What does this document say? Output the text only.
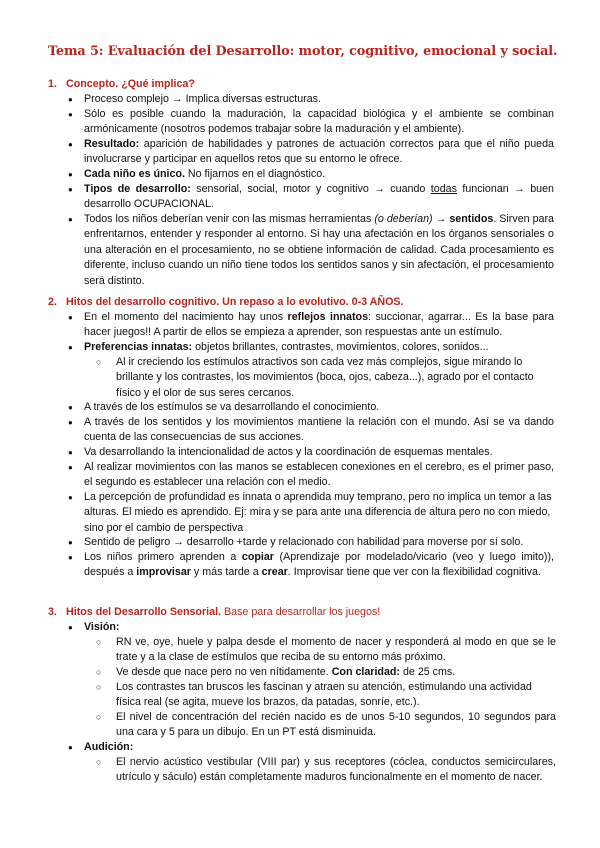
Tema 5: Evaluación del Desarrollo: motor, cognitivo, emocional y social.
1. Concepto. ¿Qué implica?
● Proceso complejo → Implica diversas estructuras.
● Sólo es posible cuando la maduración, la capacidad biológica y el ambiente se combinan armónicamente (nosotros podemos trabajar sobre la maduración y el ambiente).
● Resultado: aparición de habilidades y patrones de actuación correctos para que el niño pueda involucrarse y participar en aquellos retos que su entorno le ofrece.
● Cada niño es único. No fijarnos en el diagnóstico.
● Tipos de desarrollo: sensorial, social, motor y cognitivo → cuando todas funcionan → buen desarrollo OCUPACIONAL.
● Todos los niños deberían venir con las mismas herramientas (o deberían) → sentidos. Sirven para enfrentarnos, entender y responder al entorno. Si hay una afectación en los órganos sensoriales o una alteración en el procesamiento, no se obtiene información de calidad. Cada procesamiento es diferente, incluso cuando un niño tiene todos los sentidos sanos y sin afectación, el procesamiento será distinto.
2. Hitos del desarrollo cognitivo. Un repaso a lo evolutivo. 0-3 AÑOS.
● En el momento del nacimiento hay unos reflejos innatos: succionar, agarrar... Es la base para hacer juegos!! A partir de ellos se empieza a aprender, son respuestas ante un estímulo.
● Preferencias innatas: objetos brillantes, contrastes, movimientos, colores, sonidos...
○ Al ir creciendo los estímulos atractivos son cada vez más complejos, sigue mirando lo brillante y los contrastes, los movimientos (boca, ojos, cabeza...), agrado por el contacto físico y el olor de sus seres cercanos.
● A través de los estímulos se va desarrollando el conocimiento.
● A través de los sentidos y los movimientos mantiene la relación con el mundo. Así se va dando cuenta de las consecuencias de sus acciones.
● Va desarrollando la intencionalidad de actos y la coordinación de esquemas mentales.
● Al realizar movimientos con las manos se establecen conexiones en el cerebro, es el primer paso, el segundo es establecer una relación con el medio.
● La percepción de profundidad es innata o aprendida muy temprano, pero no implica un temor a las alturas. El miedo es aprendido. Ej: mira y se para ante una diferencia de altura pero no con miedo, sino por el cambio de perspectiva
● Sentido de peligro → desarrollo +tarde y relacionado con habilidad para moverse por sí solo.
● Los niños primero aprenden a copiar (Aprendizaje por modelado/vicario (veo y luego imito)), después a improvisar y más tarde a crear. Improvisar tiene que ver con la flexibilidad cognitiva.
3. Hitos del Desarrollo Sensorial. Base para desarrollar los juegos!
● Visión:
○ RN ve, oye, huele y palpa desde el momento de nacer y responderá al modo en que se le trate y a la clase de estímulos que reciba de su entorno más próximo.
○ Ve desde que nace pero no ven nítidamente. Con claridad: de 25 cms.
○ Los contrastes tan bruscos les fascinan y atraen su atención, estimulando una actividad física real (se agita, mueve los brazos, da patadas, sonríe, etc.).
○ El nivel de concentración del recién nacido es de unos 5-10 segundos, 10 segundos para una cara y 5 para un dibujo. En un PT está disminuida.
● Audición:
○ El nervio acústico vestibular (VIII par) y sus receptores (cóclea, conductos semicirculares, utrículo y sáculo) están completamente maduros funcionalmente en el momento de nacer.
